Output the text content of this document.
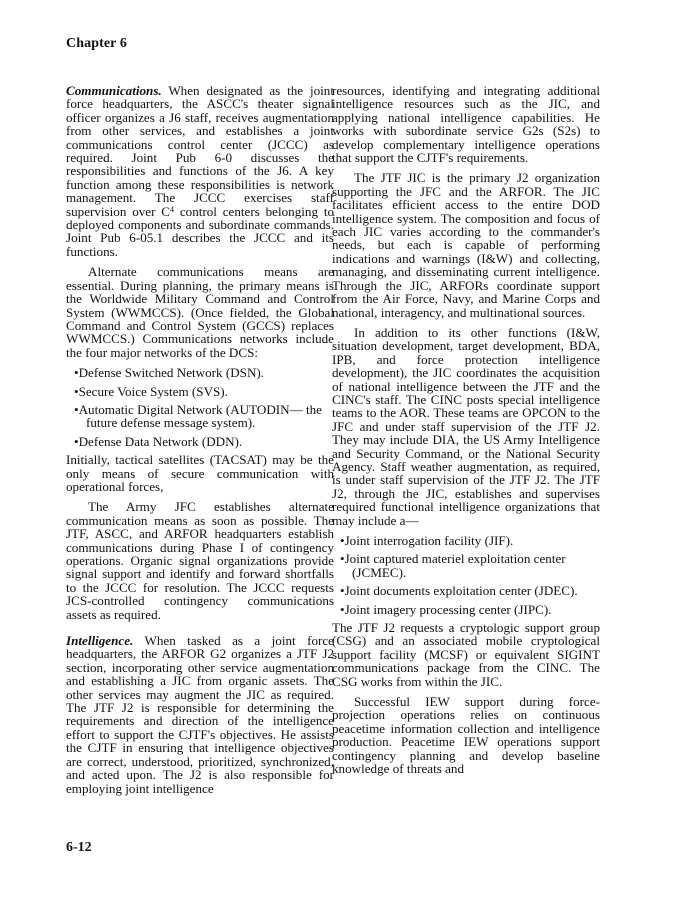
Chapter 6

Communications. When designated as the joint force headquarters, the ASCC's theater signal officer organizes a J6 staff, receives augmentation from other services, and establishes a joint communications control center (JCCC) as required. Joint Pub 6-0 discusses the responsibilities and functions of the J6. A key function among these responsibilities is network management. The JCCC exercises staff supervision over $C^4$ control centers belonging to deployed components and subordinate commands. Joint Pub 6-05.1 describes the JCCC and its functions.

Alternate communications means are essential. During planning, the primary means is the Worldwide Military Command and Control System (WWMCCS). (Once fielded, the Global Command and Control System (GCCS) replaces WWMCCS.) Communications networks include the four major networks of the DCS:

•Defense Switched Network (DSN).
•Secure Voice System (SVS).
•Automatic Digital Network (AUTODIN— the future defense message system).
•Defense Data Network (DDN).

Initially, tactical satellites (TACSAT) may be the only means of secure communication with operational forces,

The Army JFC establishes alternate communication means as soon as possible. The JTF, ASCC, and ARFOR headquarters establish communications during Phase I of contingency operations. Organic signal organizations provide signal support and identify and forward shortfalls to the JCCC for resolution. The JCCC requests JCS-controlled contingency communications assets as required.

Intelligence. When tasked as a joint force headquarters, the ARFOR G2 organizes a JTF J2 section, incorporating other service augmentation and establishing a JIC from organic assets. The other services may augment the JIC as required. The JTF J2 is responsible for determining the requirements and direction of the intelligence effort to support the CJTF's objectives. He assists the CJTF in ensuring that intelligence objectives are correct, understood, prioritized, synchronized, and acted upon. The J2 is also responsible for employing joint intelligence

resources, identifying and integrating additional intelligence resources such as the JIC, and applying national intelligence capabilities. He works with subordinate service G2s (S2s) to develop complementary intelligence operations that support the CJTF's requirements.

The JTF JIC is the primary J2 organization supporting the JFC and the ARFOR. The JIC facilitates efficient access to the entire DOD intelligence system. The composition and focus of each JIC varies according to the commander's needs, but each is capable of performing indications and warnings (I&W) and collecting, managing, and disseminating current intelligence. Through the JIC, ARFORs coordinate support from the Air Force, Navy, and Marine Corps and national, interagency, and multinational sources.

In addition to its other functions (I&W, situation development, target development, BDA, IPB, and force protection intelligence development), the JIC coordinates the acquisition of national intelligence between the JTF and the CINC's staff. The CINC posts special intelligence teams to the AOR. These teams are OPCON to the JFC and under staff supervision of the JTF J2. They may include DIA, the US Army Intelligence and Security Command, or the National Security Agency. Staff weather augmentation, as required, is under staff supervision of the JTF J2. The JTF J2, through the JIC, establishes and supervises required functional intelligence organizations that may include a—

•Joint interrogation facility (JIF).
•Joint captured materiel exploitation center (JCMEC).
•Joint documents exploitation center (JDEC).
•Joint imagery processing center (JIPC).

The JTF J2 requests a cryptologic support group (CSG) and an associated mobile cryptological support facility (MCSF) or equivalent SIGINT communications package from the CINC. The CSG works from within the JIC.

Successful IEW support during force-projection operations relies on continuous peacetime information collection and intelligence production. Peacetime IEW operations support contingency planning and develop baseline knowledge of threats and

6-12
